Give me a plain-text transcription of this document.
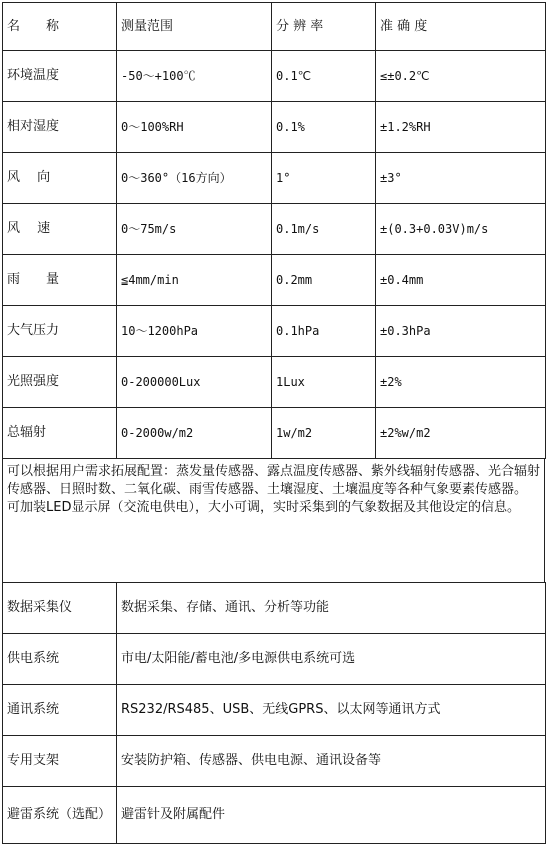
名　　称	测量范围	分 辨 率	准 确 度
环境温度	-50～+100℃	0.1℃	≤±0.2℃
相对湿度	0～100%RH	0.1%	±1.2%RH
风　 向	0～360°（16方向）	1°	±3°
风　 速	0～75m/s	0.1m/s	±(0.3+0.03V)m/s
雨　　量	≦4mm/min	0.2mm	±0.4mm
大气压力	10～1200hPa	0.1hPa	±0.3hPa
光照强度	0-200000Lux	1Lux	±2%
总辐射	0-2000w/m2	1w/m2	±2%w/m2

可以根据用户需求拓展配置：蒸发量传感器、露点温度传感器、紫外线辐射传感器、光合辐射传感器、日照时数、二氧化碳、雨雪传感器、土壤湿度、土壤温度等各种气象要素传感器。

可加装LED显示屏（交流电供电），大小可调，实时采集到的气象数据及其他设定的信息。

数据采集仪	数据采集、存储、通讯、分析等功能
供电系统	市电/太阳能/蓄电池/多电源供电系统可选
通讯系统	RS232/RS485、USB、无线GPRS、以太网等通讯方式
专用支架	安装防护箱、传感器、供电电源、通讯设备等
避雷系统（选配）	避雷针及附属配件
